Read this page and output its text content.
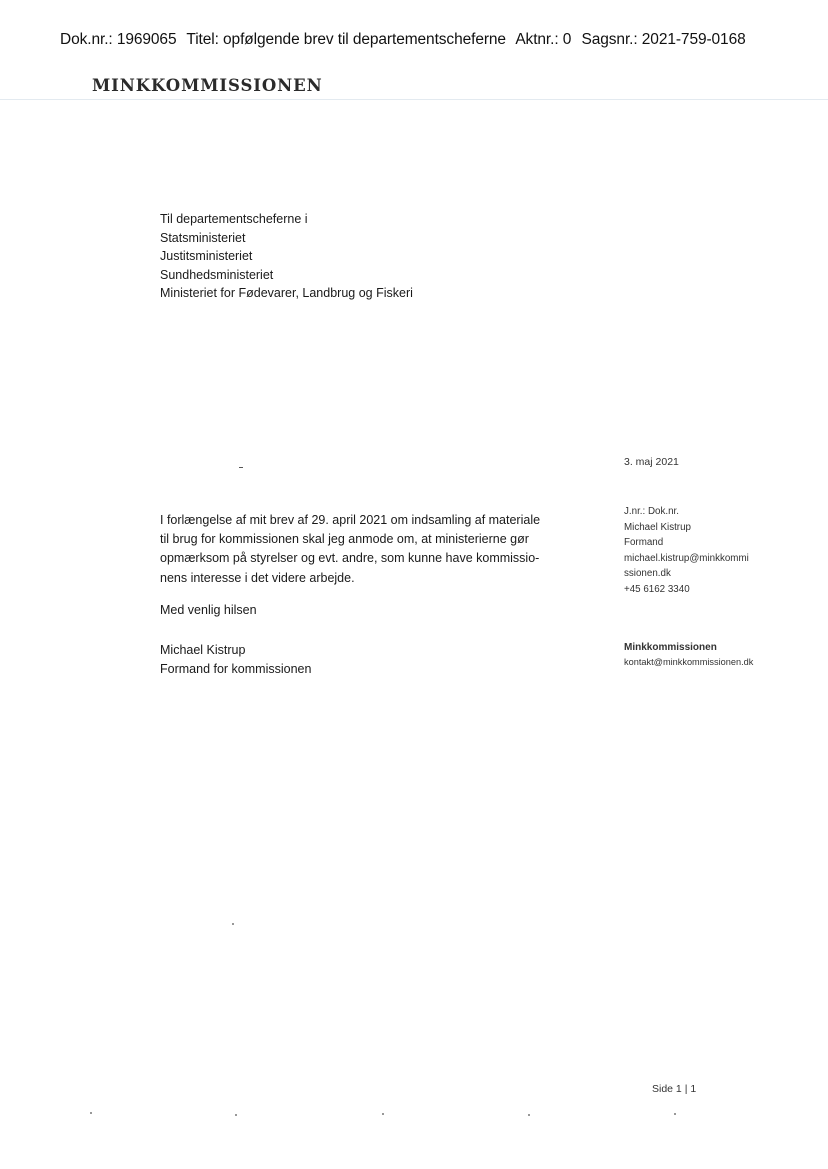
Dok.nr.: 1969065 Titel: opfølgende brev til departementscheferne Aktnr.: 0 Sagsnr.: 2021-759-0168
MINKKOMMISSIONEN
Til departementscheferne i
Statsministeriet
Justitsministeriet
Sundhedsministeriet
Ministeriet for Fødevarer, Landbrug og Fiskeri
3. maj 2021
I forlængelse af mit brev af 29. april 2021 om indsamling af materiale
til brug for kommissionen skal jeg anmode om, at ministerierne gør
opmærksom på styrelser og evt. andre, som kunne have kommissio-
nens interesse i det videre arbejde.
Med venlig hilsen
Michael Kistrup
Formand for kommissionen
J.nr.: Dok.nr.
Michael Kistrup
Formand
michael.kistrup@minkkommi
ssionen.dk
+45 6162 3340
Minkkommissionen
kontakt@minkkommissionen.dk
Side 1 | 1
